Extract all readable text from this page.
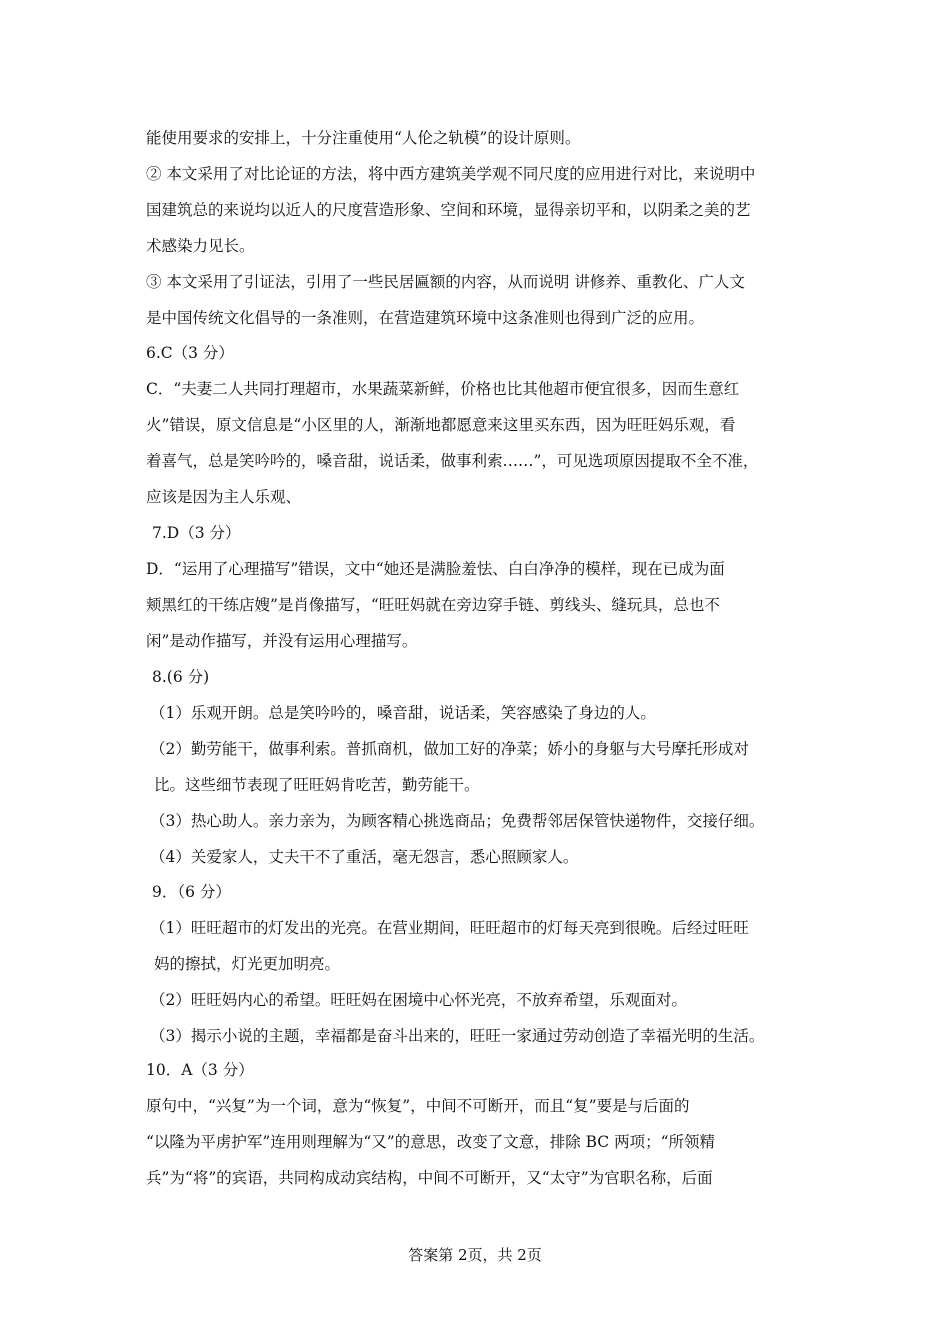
能使用要求的安排上，十分注重使用“人伦之轨模”的设计原则。
② 本文采用了对比论证的方法，将中西方建筑美学观不同尺度的应用进行对比，来说明中
国建筑总的来说均以近人的尺度营造形象、空间和环境，显得亲切平和，以阴柔之美的艺
术感染力见长。
③ 本文采用了引证法，引用了一些民居匾额的内容，从而说明 讲修养、重教化、广人文
是中国传统文化倡导的一条准则，在营造建筑环境中这条准则也得到广泛的应用。
6.C（3 分）
C．“夫妻二人共同打理超市，水果蔬菜新鲜，价格也比其他超市便宜很多，因而生意红
火”错误，原文信息是“小区里的人，渐渐地都愿意来这里买东西，因为旺旺妈乐观，看
着喜气，总是笑吟吟的，嗓音甜，说话柔，做事利索……”，可见选项原因提取不全不准，
应该是因为主人乐观、
7.D（3 分）
D．“运用了心理描写”错误，文中“她还是满脸羞怯、白白净净的模样，现在已成为面
颊黑红的干练店嫂”是肖像描写，“旺旺妈就在旁边穿手链、剪线头、缝玩具，总也不
闲”是动作描写，并没有运用心理描写。
8.(6 分)
（1）乐观开朗。总是笑吟吟的，嗓音甜，说话柔，笑容感染了身边的人。
（2）勤劳能干，做事利索。普抓商机，做加工好的净菜；娇小的身躯与大号摩托形成对
比。这些细节表现了旺旺妈肯吃苦，勤劳能干。
（3）热心助人。亲力亲为，为顾客精心挑选商品；免费帮邻居保管快递物件，交接仔细。
（4）关爱家人，丈夫干不了重活，毫无怨言，悉心照顾家人。
9．（6 分）
（1）旺旺超市的灯发出的光亮。在营业期间，旺旺超市的灯每天亮到很晚。后经过旺旺
妈的擦拭，灯光更加明亮。
（2）旺旺妈内心的希望。旺旺妈在困境中心怀光亮，不放弃希望，乐观面对。
（3）揭示小说的主题，幸福都是奋斗出来的，旺旺一家通过劳动创造了幸福光明的生活。
10．A（3 分）
原句中，“兴复”为一个词，意为“恢复”，中间不可断开，而且“复”要是与后面的
“以隆为平虏护军”连用则理解为“又”的意思，改变了文意，排除 BC 两项；“所领精
兵”为“将”的宾语，共同构成动宾结构，中间不可断开，又“太守”为官职名称，后面
答案第 2页，共 2页
